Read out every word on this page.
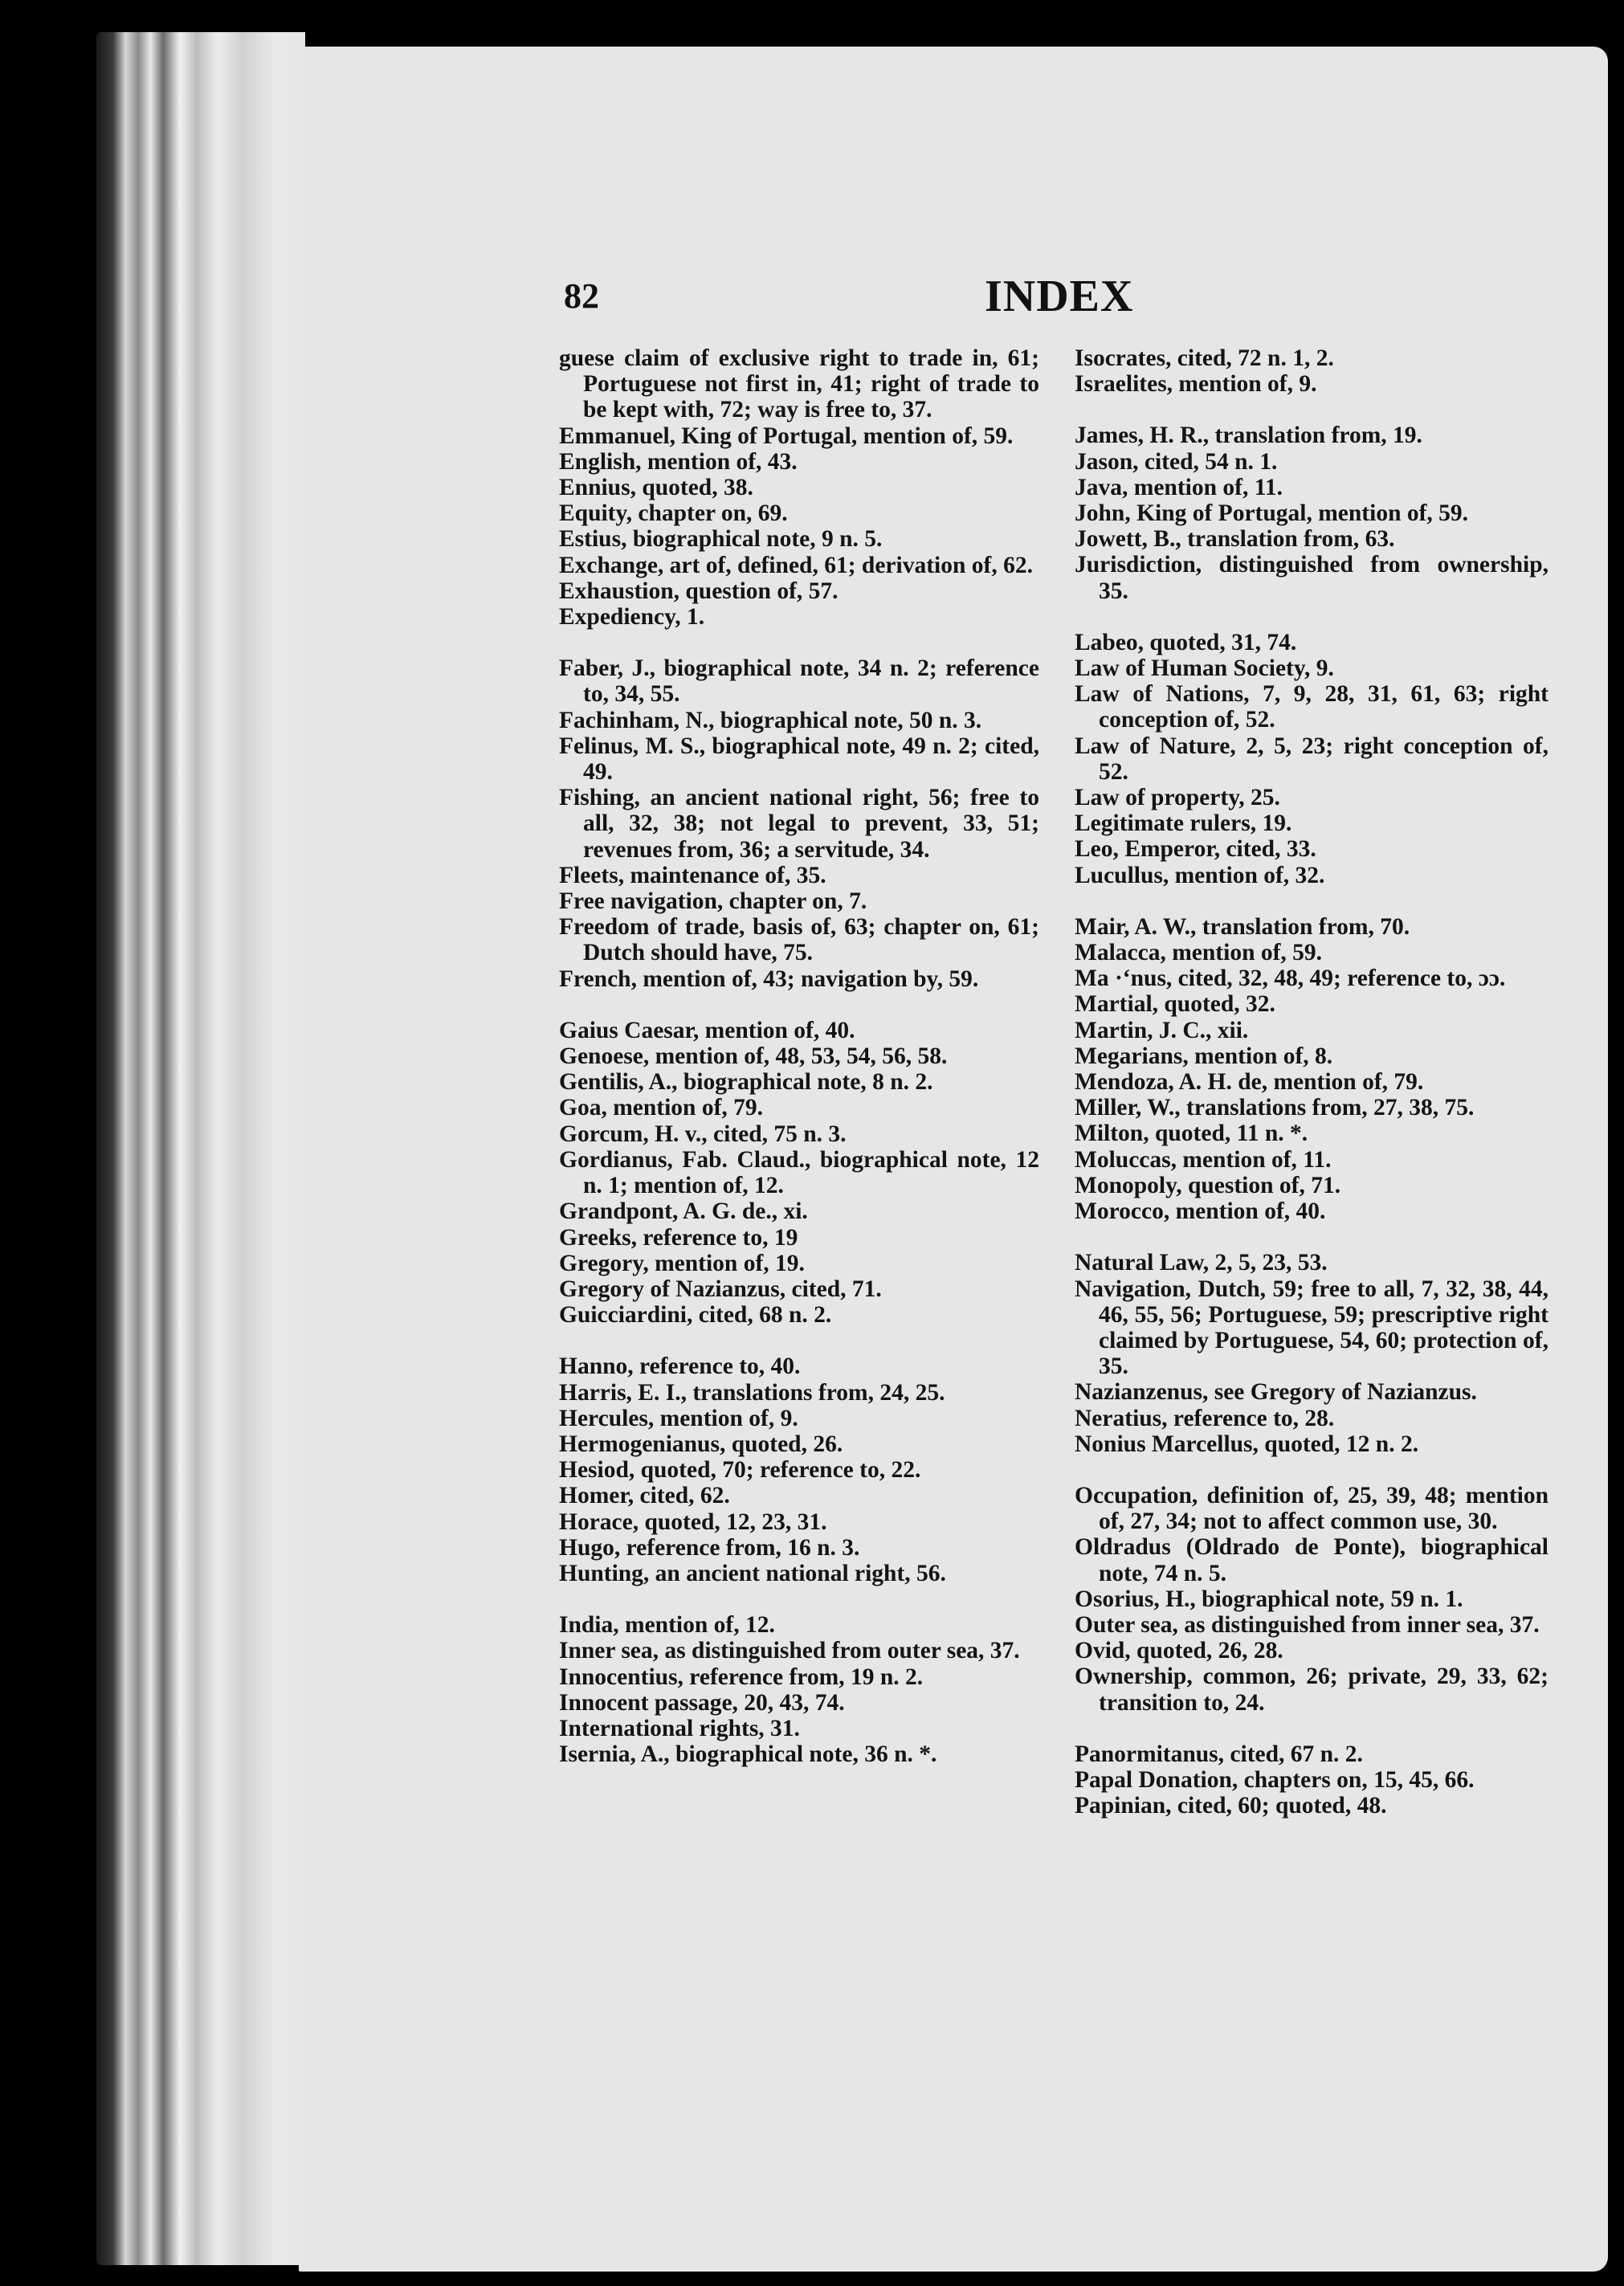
82	INDEX
guese claim of exclusive right to trade in, 61; Portuguese not first in, 41; right of trade to be kept with, 72; way is free to, 37.
Emmanuel, King of Portugal, mention of, 59.
English, mention of, 43.
Ennius, quoted, 38.
Equity, chapter on, 69.
Estius, biographical note, 9 n. 5.
Exchange, art of, defined, 61; derivation of, 62.
Exhaustion, question of, 57.
Expediency, 1.
Faber, J., biographical note, 34 n. 2; reference to, 34, 55.
Fachinham, N., biographical note, 50 n. 3.
Felinus, M. S., biographical note, 49 n. 2; cited, 49.
Fishing, an ancient national right, 56; free to all, 32, 38; not legal to prevent, 33, 51; revenues from, 36; a servitude, 34.
Fleets, maintenance of, 35.
Free navigation, chapter on, 7.
Freedom of trade, basis of, 63; chapter on, 61; Dutch should have, 75.
French, mention of, 43; navigation by, 59.
Gaius Caesar, mention of, 40.
Genoese, mention of, 48, 53, 54, 56, 58.
Gentilis, A., biographical note, 8 n. 2.
Goa, mention of, 79.
Gorcum, H. v., cited, 75 n. 3.
Gordianus, Fab. Claud., biographical note, 12 n. 1; mention of, 12.
Grandpont, A. G. de., xi.
Greeks, reference to, 19
Gregory, mention of, 19.
Gregory of Nazianzus, cited, 71.
Guicciardini, cited, 68 n. 2.
Hanno, reference to, 40.
Harris, E. I., translations from, 24, 25.
Hercules, mention of, 9.
Hermogenianus, quoted, 26.
Hesiod, quoted, 70; reference to, 22.
Homer, cited, 62.
Horace, quoted, 12, 23, 31.
Hugo, reference from, 16 n. 3.
Hunting, an ancient national right, 56.
India, mention of, 12.
Inner sea, as distinguished from outer sea, 37.
Innocentius, reference from, 19 n. 2.
Innocent passage, 20, 43, 74.
International rights, 31.
Isernia, A., biographical note, 36 n. *.
Isocrates, cited, 72 n. 1, 2.
Israelites, mention of, 9.
James, H. R., translation from, 19.
Jason, cited, 54 n. 1.
Java, mention of, 11.
John, King of Portugal, mention of, 59.
Jowett, B., translation from, 63.
Jurisdiction, distinguished from ownership, 35.
Labeo, quoted, 31, 74.
Law of Human Society, 9.
Law of Nations, 7, 9, 28, 31, 61, 63; right conception of, 52.
Law of Nature, 2, 5, 23; right conception of, 52.
Law of property, 25.
Legitimate rulers, 19.
Leo, Emperor, cited, 33.
Lucullus, mention of, 32.
Mair, A. W., translation from, 70.
Malacca, mention of, 59.
Ma ·ʻnus, cited, 32, 48, 49; reference to, ɔɔ.
Martial, quoted, 32.
Martin, J. C., xii.
Megarians, mention of, 8.
Mendoza, A. H. de, mention of, 79.
Miller, W., translations from, 27, 38, 75.
Milton, quoted, 11 n. *.
Moluccas, mention of, 11.
Monopoly, question of, 71.
Morocco, mention of, 40.
Natural Law, 2, 5, 23, 53.
Navigation, Dutch, 59; free to all, 7, 32, 38, 44, 46, 55, 56; Portuguese, 59; prescriptive right claimed by Portuguese, 54, 60; protection of, 35.
Nazianzenus, see Gregory of Nazianzus.
Neratius, reference to, 28.
Nonius Marcellus, quoted, 12 n. 2.
Occupation, definition of, 25, 39, 48; mention of, 27, 34; not to affect common use, 30.
Oldradus (Oldrado de Ponte), biographical note, 74 n. 5.
Osorius, H., biographical note, 59 n. 1.
Outer sea, as distinguished from inner sea, 37.
Ovid, quoted, 26, 28.
Ownership, common, 26; private, 29, 33, 62; transition to, 24.
Panormitanus, cited, 67 n. 2.
Papal Donation, chapters on, 15, 45, 66.
Papinian, cited, 60; quoted, 48.
